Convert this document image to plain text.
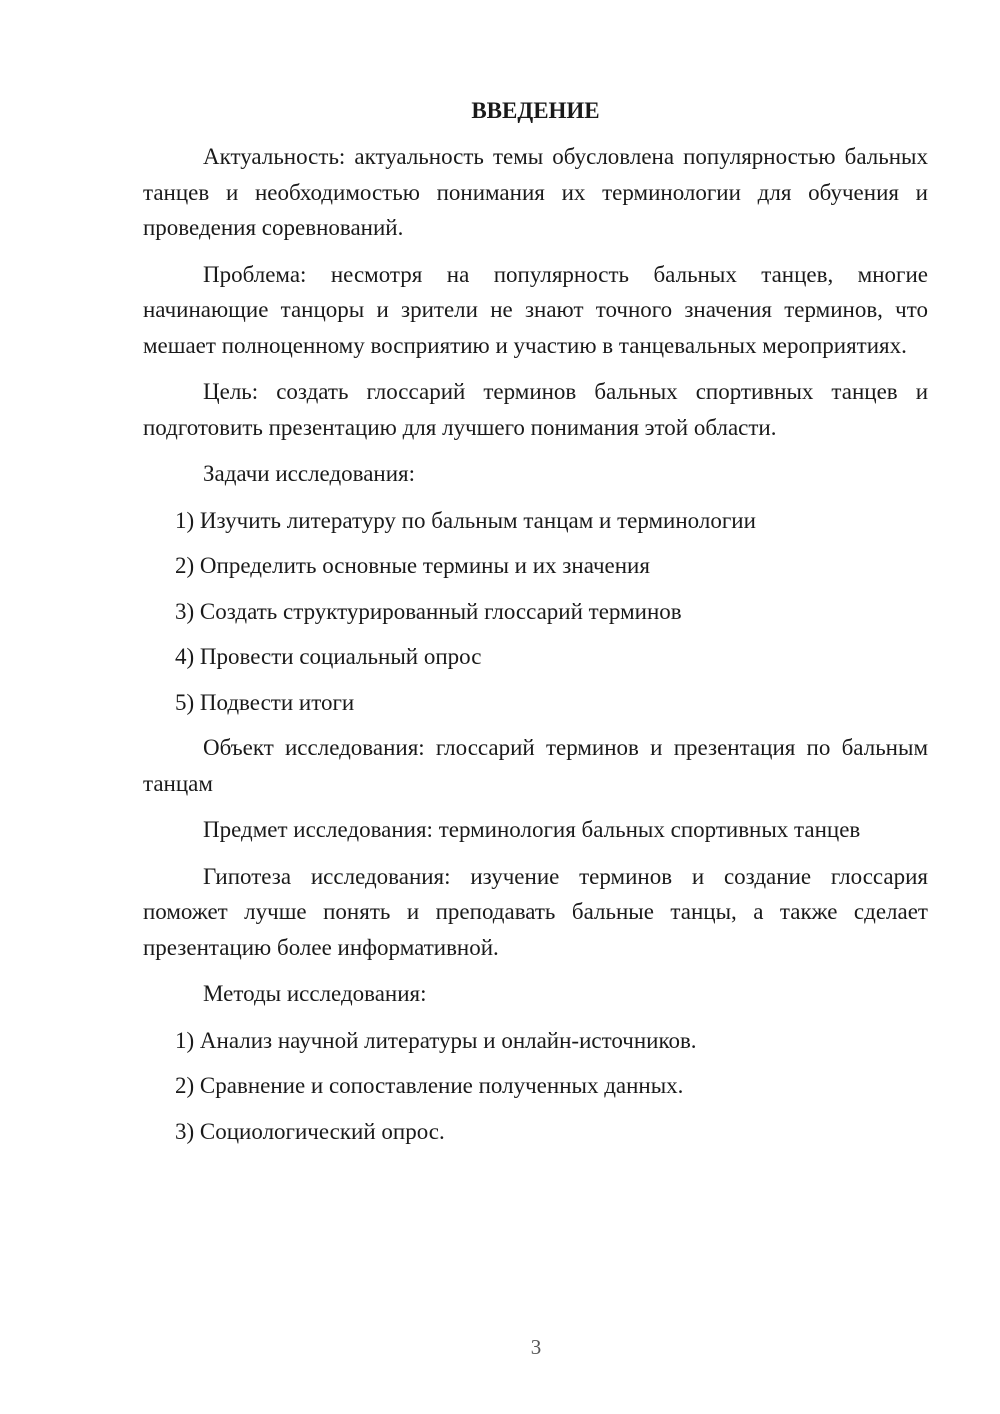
ВВЕДЕНИЕ

Актуальность: актуальность темы обусловлена популярностью бальных танцев и необходимостью понимания их терминологии для обучения и проведения соревнований.

Проблема: несмотря на популярность бальных танцев, многие начинающие танцоры и зрители не знают точного значения терминов, что мешает полноценному восприятию и участию в танцевальных мероприятиях.

Цель: создать глоссарий терминов бальных спортивных танцев и подготовить презентацию для лучшего понимания этой области.

Задачи исследования:

1) Изучить литературу по бальным танцам и терминологии

2) Определить основные термины и их значения

3) Создать структурированный глоссарий терминов

4) Провести социальный опрос

5) Подвести итоги

Объект исследования: глоссарий терминов и презентация по бальным танцам

Предмет исследования: терминология бальных спортивных танцев

Гипотеза исследования: изучение терминов и создание глоссария поможет лучше понять и преподавать бальные танцы, а также сделает презентацию более информативной.

Методы исследования:

1) Анализ научной литературы и онлайн-источников.

2) Сравнение и сопоставление полученных данных.

3) Социологический опрос.

3
